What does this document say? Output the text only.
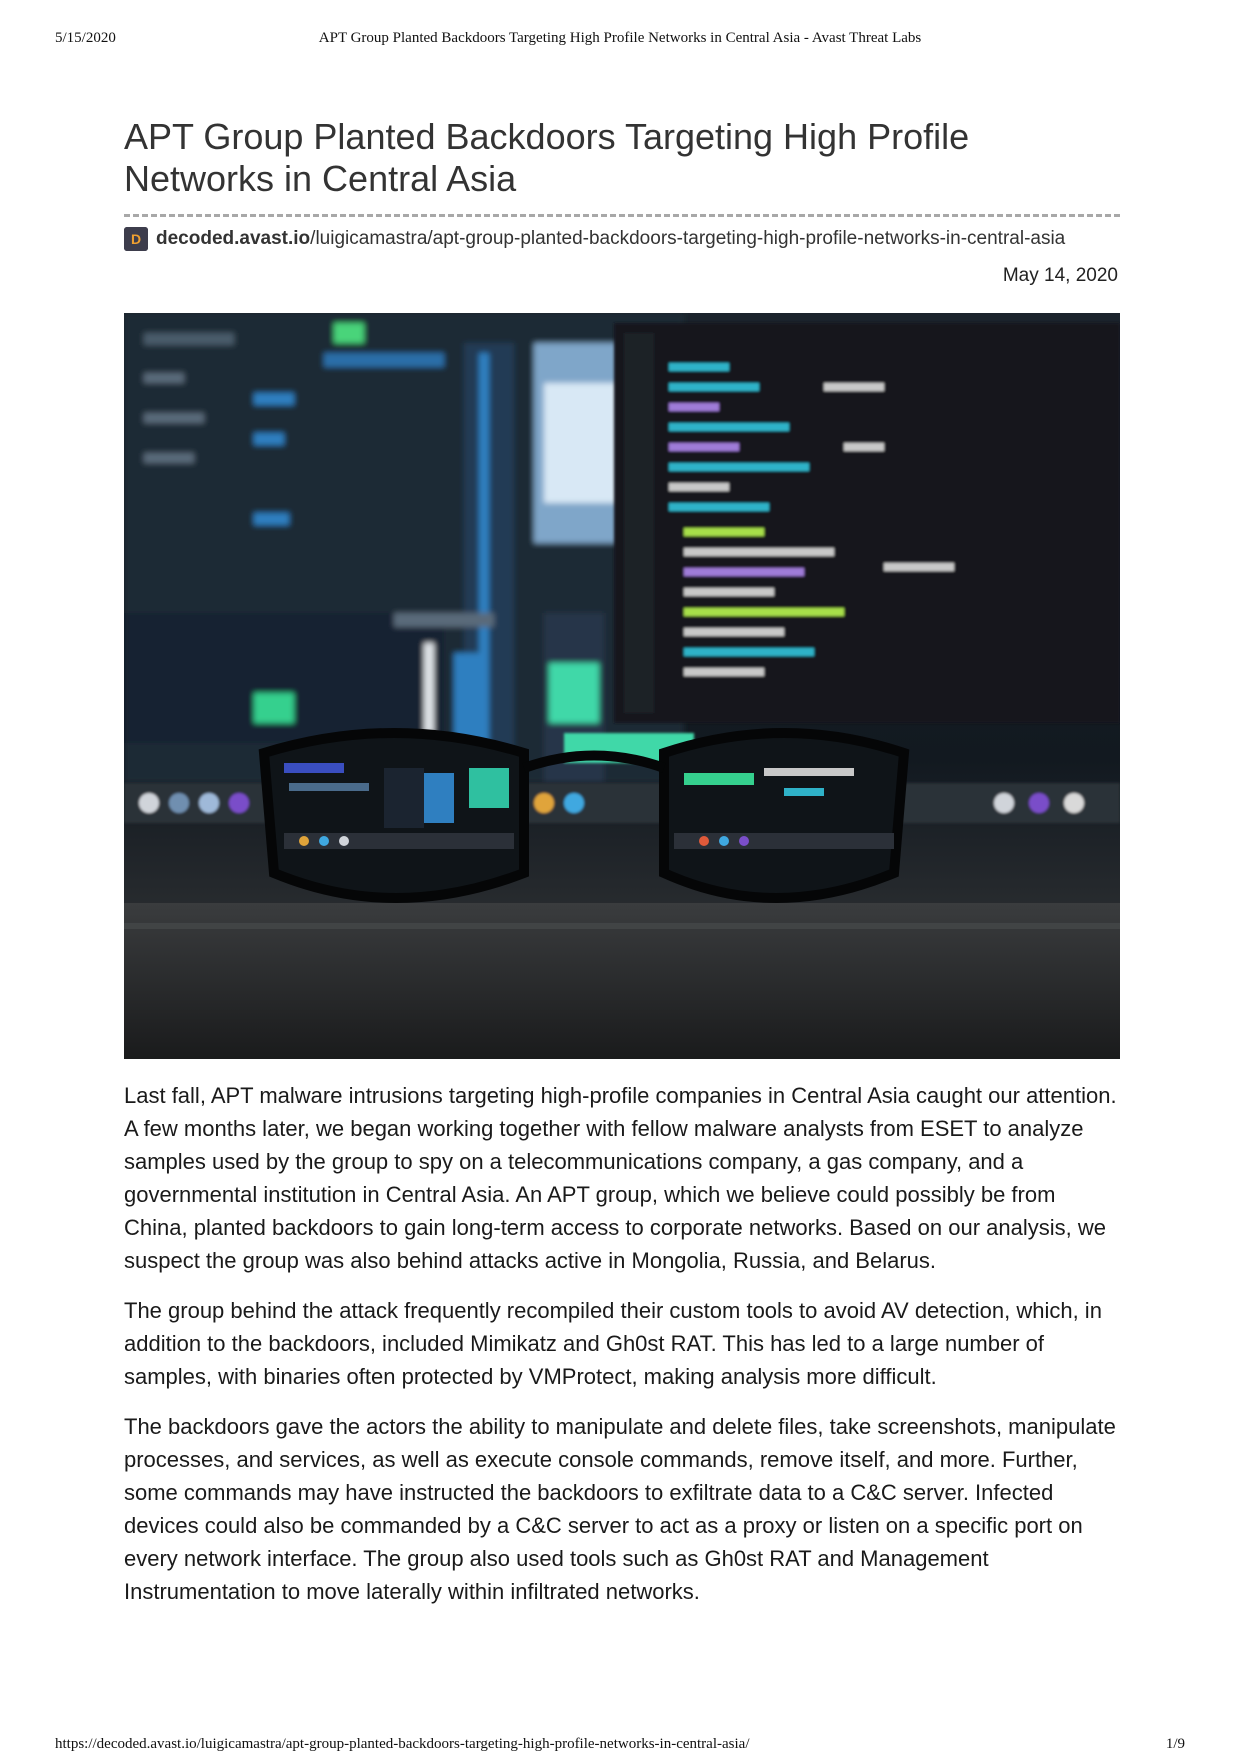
5/15/2020	APT Group Planted Backdoors Targeting High Profile Networks in Central Asia - Avast Threat Labs
APT Group Planted Backdoors Targeting High Profile Networks in Central Asia
D decoded.avast.io /luigicamastra/apt-group-planted-backdoors-targeting-high-profile-networks-in-central-asia
May 14, 2020

Last fall, APT malware intrusions targeting high-profile companies in Central Asia caught our attention. A few months later, we began working together with fellow malware analysts from ESET to analyze samples used by the group to spy on a telecommunications company, a gas company, and a governmental institution in Central Asia. An APT group, which we believe could possibly be from China, planted backdoors to gain long-term access to corporate networks. Based on our analysis, we suspect the group was also behind attacks active in Mongolia, Russia, and Belarus.

The group behind the attack frequently recompiled their custom tools to avoid AV detection, which, in addition to the backdoors, included Mimikatz and Gh0st RAT. This has led to a large number of samples, with binaries often protected by VMProtect, making analysis more difficult.

The backdoors gave the actors the ability to manipulate and delete files, take screenshots, manipulate processes, and services, as well as execute console commands, remove itself, and more. Further, some commands may have instructed the backdoors to exfiltrate data to a C&C server. Infected devices could also be commanded by a C&C server to act as a proxy or listen on a specific port on every network interface. The group also used tools such as Gh0st RAT and Management Instrumentation to move laterally within infiltrated networks.

https://decoded.avast.io/luigicamastra/apt-group-planted-backdoors-targeting-high-profile-networks-in-central-asia/	1/9
